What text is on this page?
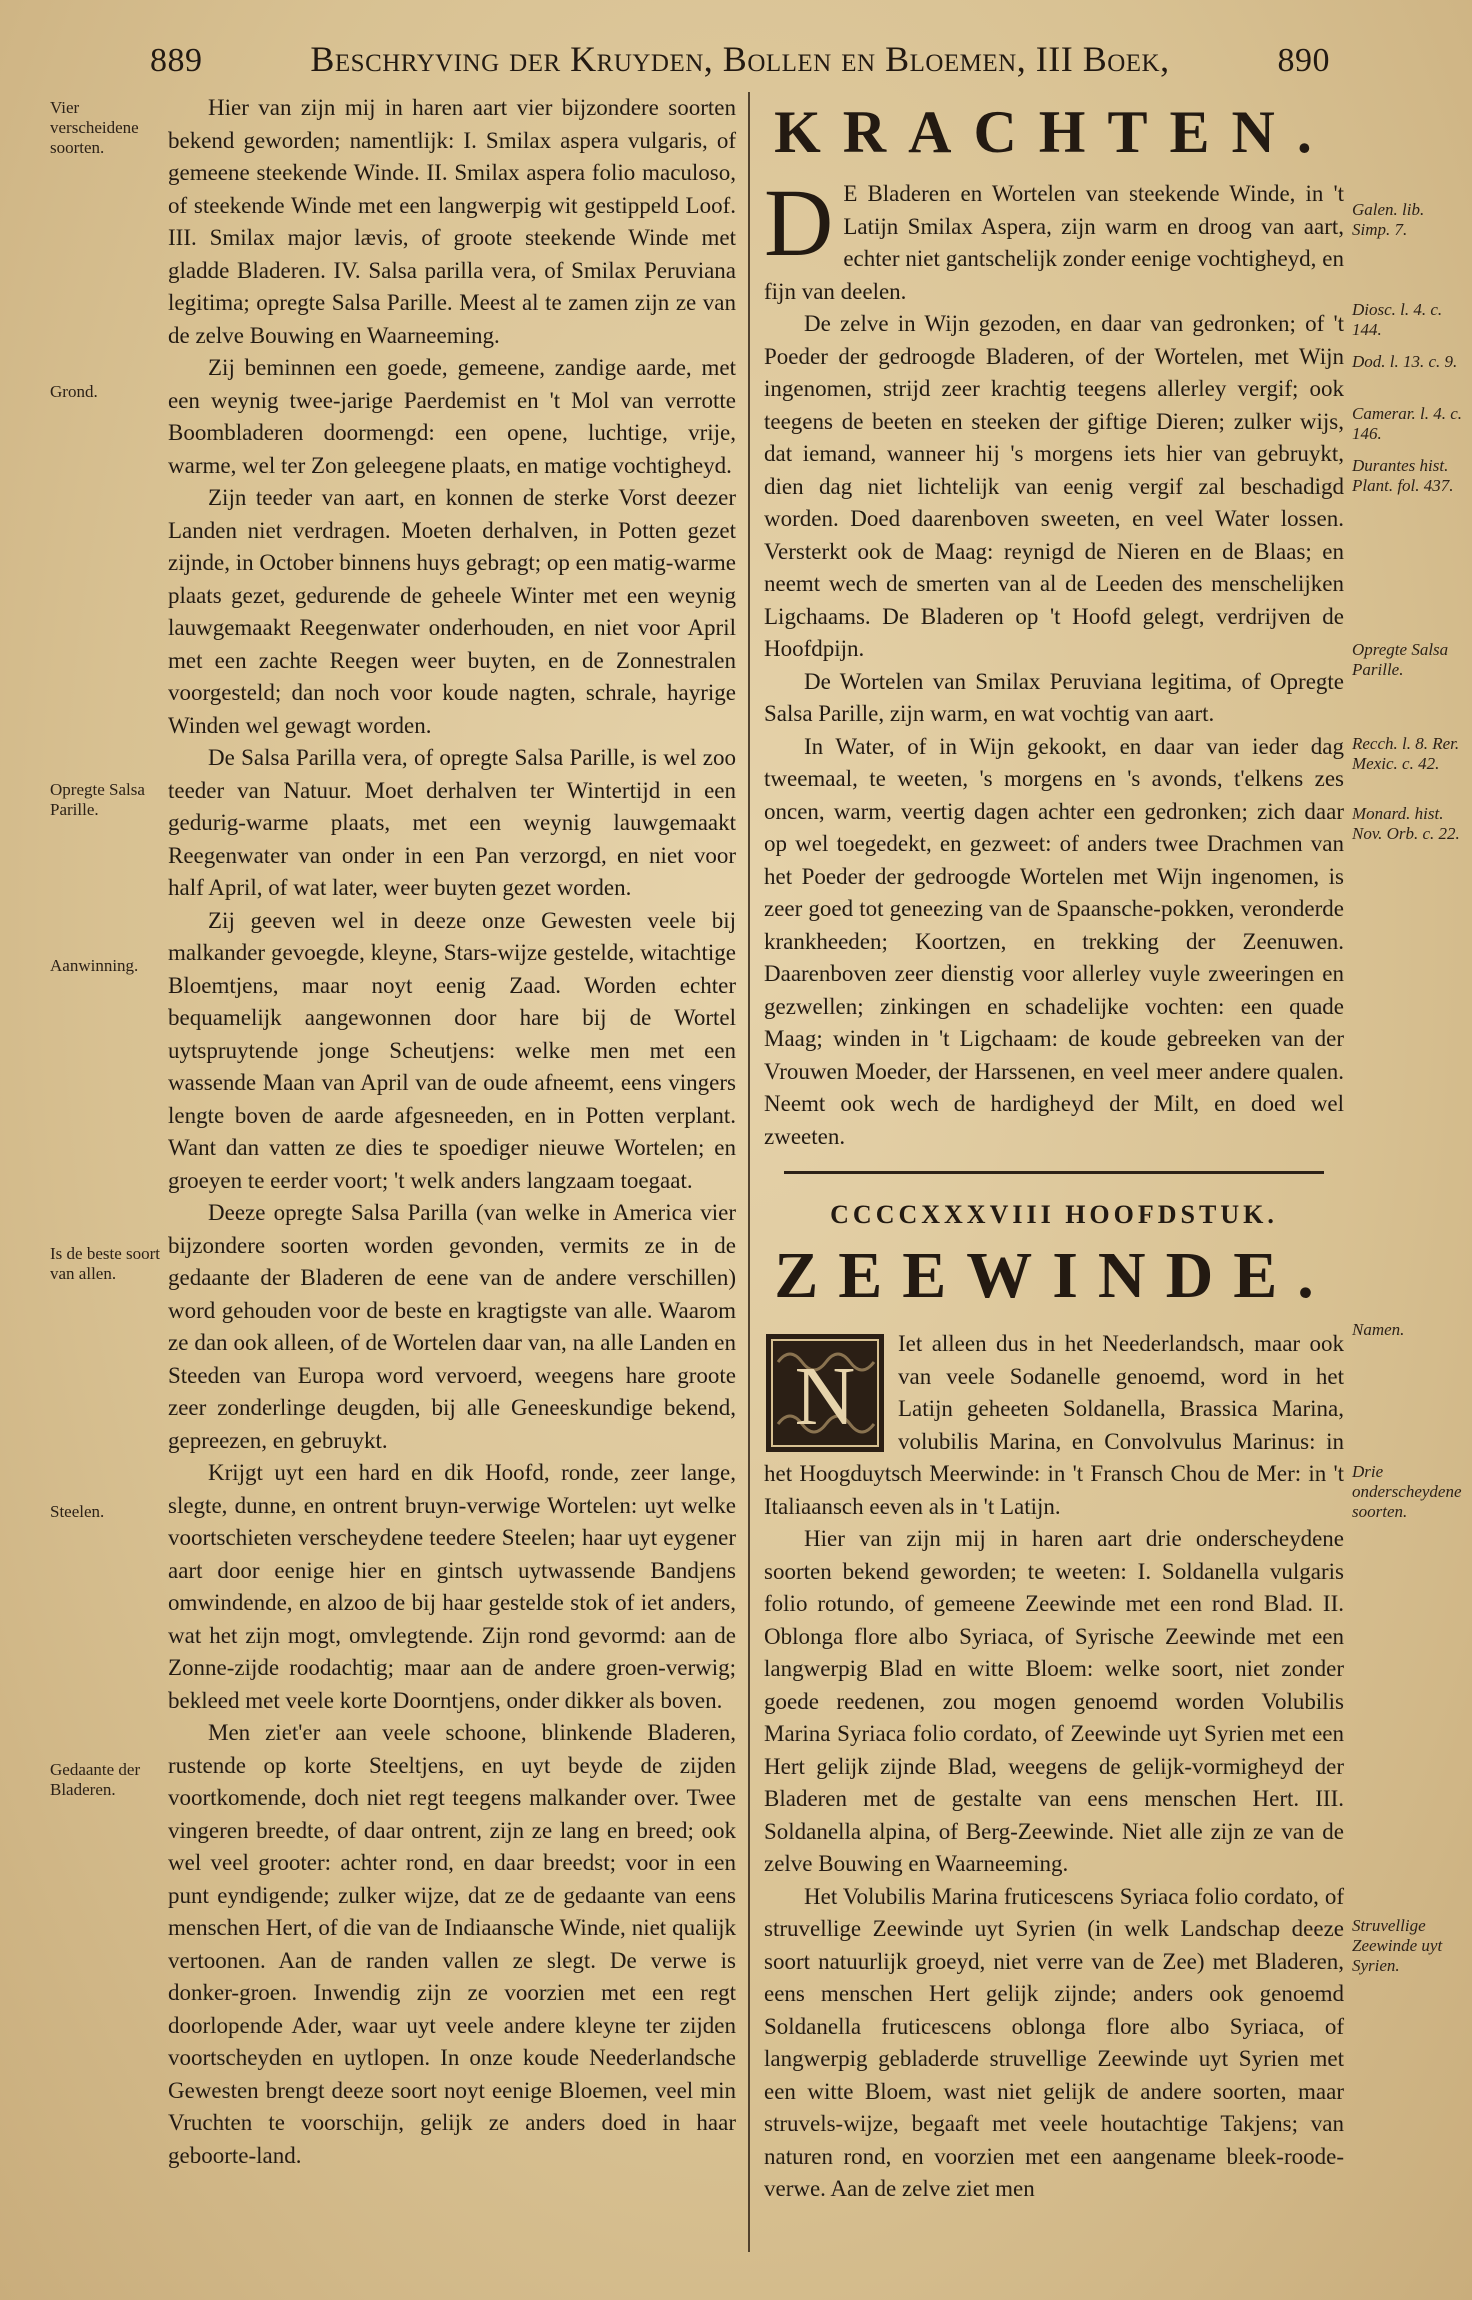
889	Beschryving der Kruyden, Bollen en Bloemen, III Boek,	890
Vier verscheidene soorten.
Grond.
Opregte Salsa Parille.
Aanwinning.
Is de beste soort van allen.
Steelen.
Gedaante der Bladeren.

Hier van zijn mij in haren aart vier bijzondere soorten bekend geworden; namentlijk: I. Smilax aspera vulgaris, of gemeene steekende Winde. II. Smilax aspera folio maculoso, of steekende Winde met een langwerpig wit gestippeld Loof. III. Smilax major lævis, of groote steekende Winde met gladde Bladeren. IV. Salsa parilla vera, of Smilax Peruviana legitima; opregte Salsa Parille. Meest al te zamen zijn ze van de zelve Bouwing en Waarneeming.

Zij beminnen een goede, gemeene, zandige aarde, met een weynig twee-jarige Paerdemist en 't Mol van verrotte Boombladeren doormengd: een opene, luchtige, vrije, warme, wel ter Zon geleegene plaats, en matige vochtigheyd.

Zijn teeder van aart, en konnen de sterke Vorst deezer Landen niet verdragen. Moeten derhalven, in Potten gezet zijnde, in October binnens huys gebragt; op een matig-warme plaats gezet, gedurende de geheele Winter met een weynig lauwgemaakt Reegenwater onderhouden, en niet voor April met een zachte Reegen weer buyten, en de Zonnestralen voorgesteld; dan noch voor koude nagten, schrale, hayrige Winden wel gewagt worden.

De Salsa Parilla vera, of opregte Salsa Parille, is wel zoo teeder van Natuur. Moet derhalven ter Wintertijd in een gedurig-warme plaats, met een weynig lauwgemaakt Reegenwater van onder in een Pan verzorgd, en niet voor half April, of wat later, weer buyten gezet worden.

Zij geeven wel in deeze onze Gewesten veele bij malkander gevoegde, kleyne, Stars-wijze gestelde, witachtige Bloemtjens, maar noyt eenig Zaad. Worden echter bequamelijk aangewonnen door hare bij de Wortel uytspruytende jonge Scheutjens: welke men met een wassende Maan van April van de oude afneemt, eens vingers lengte boven de aarde afgesneeden, en in Potten verplant. Want dan vatten ze dies te spoediger nieuwe Wortelen; en groeyen te eerder voort; 't welk anders langzaam toegaat.

Deeze opregte Salsa Parilla (van welke in America vier bijzondere soorten worden gevonden, vermits ze in de gedaante der Bladeren de eene van de andere verschillen) word gehouden voor de beste en kragtigste van alle. Waarom ze dan ook alleen, of de Wortelen daar van, na alle Landen en Steeden van Europa word vervoerd, weegens hare groote zeer zonderlinge deugden, bij alle Geneeskundige bekend, gepreezen, en gebruykt.

Krijgt uyt een hard en dik Hoofd, ronde, zeer lange, slegte, dunne, en ontrent bruyn-verwige Wortelen: uyt welke voortschieten verscheydene teedere Steelen; haar uyt eygener aart door eenige hier en gintsch uytwassende Bandjens omwindende, en alzoo de bij haar gestelde stok of iet anders, wat het zijn mogt, omvlegtende. Zijn rond gevormd: aan de Zonne-zijde roodachtig; maar aan de andere groen-verwig; bekleed met veele korte Doorntjens, onder dikker als boven.

Men ziet'er aan veele schoone, blinkende Bladeren, rustende op korte Steeltjens, en uyt beyde de zijden voortkomende, doch niet regt teegens malkander over. Twee vingeren breedte, of daar ontrent, zijn ze lang en breed; ook wel veel grooter: achter rond, en daar breedst; voor in een punt eyndigende; zulker wijze, dat ze de gedaante van eens menschen Hert, of die van de Indiaansche Winde, niet qualijk vertoonen. Aan de randen vallen ze slegt. De verwe is donker-groen. Inwendig zijn ze voorzien met een regt doorlopende Ader, waar uyt veele andere kleyne ter zijden voortscheyden en uytlopen. In onze koude Neederlandsche Gewesten brengt deeze soort noyt eenige Bloemen, veel min Vruchten te voorschijn, gelijk ze anders doed in haar geboorte-land.

Galen. lib. Simp. 7.
Diosc. l. 4. c. 144.
Dod. l. 13. c. 9.
Camerar. l. 4. c. 146.
Durantes hist. Plant. fol. 437.
Opregte Salsa Parille.
Recch. l. 8. Rer. Mexic. c. 42.
Monard. hist. Nov. Orb. c. 22.
Namen.
Drie onderscheydene soorten.
Struvellige Zeewinde uyt Syrien.
KRACHTEN.

D E Bladeren en Wortelen van steekende Winde, in 't Latijn Smilax Aspera, zijn warm en droog van aart, echter niet gantschelijk zonder eenige vochtigheyd, en fijn van deelen.

De zelve in Wijn gezoden, en daar van gedronken; of 't Poeder der gedroogde Bladeren, of der Wortelen, met Wijn ingenomen, strijd zeer krachtig teegens allerley vergif; ook teegens de beeten en steeken der giftige Dieren; zulker wijs, dat iemand, wanneer hij 's morgens iets hier van gebruykt, dien dag niet lichtelijk van eenig vergif zal beschadigd worden. Doed daarenboven sweeten, en veel Water lossen. Versterkt ook de Maag: reynigd de Nieren en de Blaas; en neemt wech de smerten van al de Leeden des menschelijken Ligchaams. De Bladeren op 't Hoofd gelegt, verdrijven de Hoofdpijn.

De Wortelen van Smilax Peruviana legitima, of Opregte Salsa Parille, zijn warm, en wat vochtig van aart.

In Water, of in Wijn gekookt, en daar van ieder dag tweemaal, te weeten, 's morgens en 's avonds, t'elkens zes oncen, warm, veertig dagen achter een gedronken; zich daar op wel toegedekt, en gezweet: of anders twee Drachmen van het Poeder der gedroogde Wortelen met Wijn ingenomen, is zeer goed tot geneezing van de Spaansche-pokken, veronderde krankheeden; Koortzen, en trekking der Zeenuwen. Daarenboven zeer dienstig voor allerley vuyle zweeringen en gezwellen; zinkingen en schadelijke vochten: een quade Maag; winden in 't Ligchaam: de koude gebreeken van der Vrouwen Moeder, der Harssenen, en veel meer andere qualen. Neemt ook wech de hardigheyd der Milt, en doed wel zweeten.

CCCCXXXVIII HOOFDSTUK.
ZEEWINDE.

N
Iet alleen dus in het Neederlandsch, maar ook van veele Sodanelle genoemd, word in het Latijn geheeten Soldanella, Brassica Marina, volubilis Marina, en Convolvulus Marinus: in het Hoogduytsch Meerwinde: in 't Fransch Chou de Mer: in 't Italiaansch eeven als in 't Latijn.

Hier van zijn mij in haren aart drie onderscheydene soorten bekend geworden; te weeten: I. Soldanella vulgaris folio rotundo, of gemeene Zeewinde met een rond Blad. II. Oblonga flore albo Syriaca, of Syrische Zeewinde met een langwerpig Blad en witte Bloem: welke soort, niet zonder goede reedenen, zou mogen genoemd worden Volubilis Marina Syriaca folio cordato, of Zeewinde uyt Syrien met een Hert gelijk zijnde Blad, weegens de gelijk-vormigheyd der Bladeren met de gestalte van eens menschen Hert. III. Soldanella alpina, of Berg-Zeewinde. Niet alle zijn ze van de zelve Bouwing en Waarneeming.

Het Volubilis Marina fruticescens Syriaca folio cordato, of struvellige Zeewinde uyt Syrien (in welk Landschap deeze soort natuurlijk groeyd, niet verre van de Zee) met Bladeren, eens menschen Hert gelijk zijnde; anders ook genoemd Soldanella fruticescens oblonga flore albo Syriaca, of langwerpig gebladerde struvellige Zeewinde uyt Syrien met een witte Bloem, wast niet gelijk de andere soorten, maar struvels-wijze, begaaft met veele houtachtige Takjens; van naturen rond, en voorzien met een aangename bleek-roode-verwe. Aan de zelve ziet men
